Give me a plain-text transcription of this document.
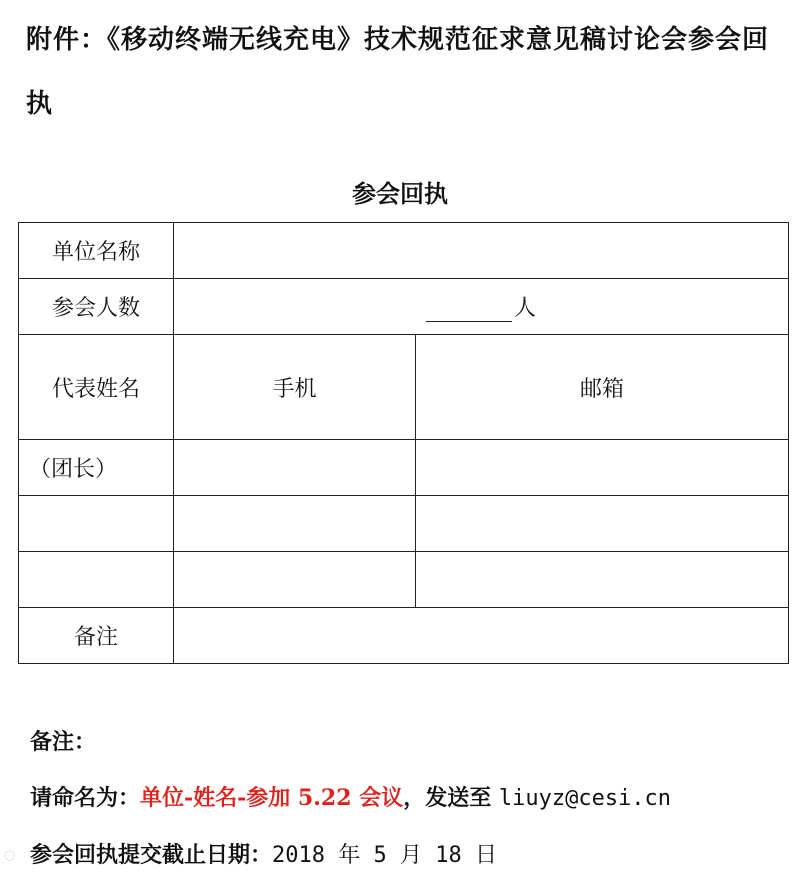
附件：《移动终端无线充电》技术规范征求意见稿讨论会参会回执
参会回执
单位名称		
参会人数	人	
代表姓名	手机	邮箱
（团长）		

备注		
备注：
请命名为：单位-姓名-参加 5.22 会议，发送至 liuyz@cesi.cn
参会回执提交截止日期：2018 年 5 月 18 日
◌
